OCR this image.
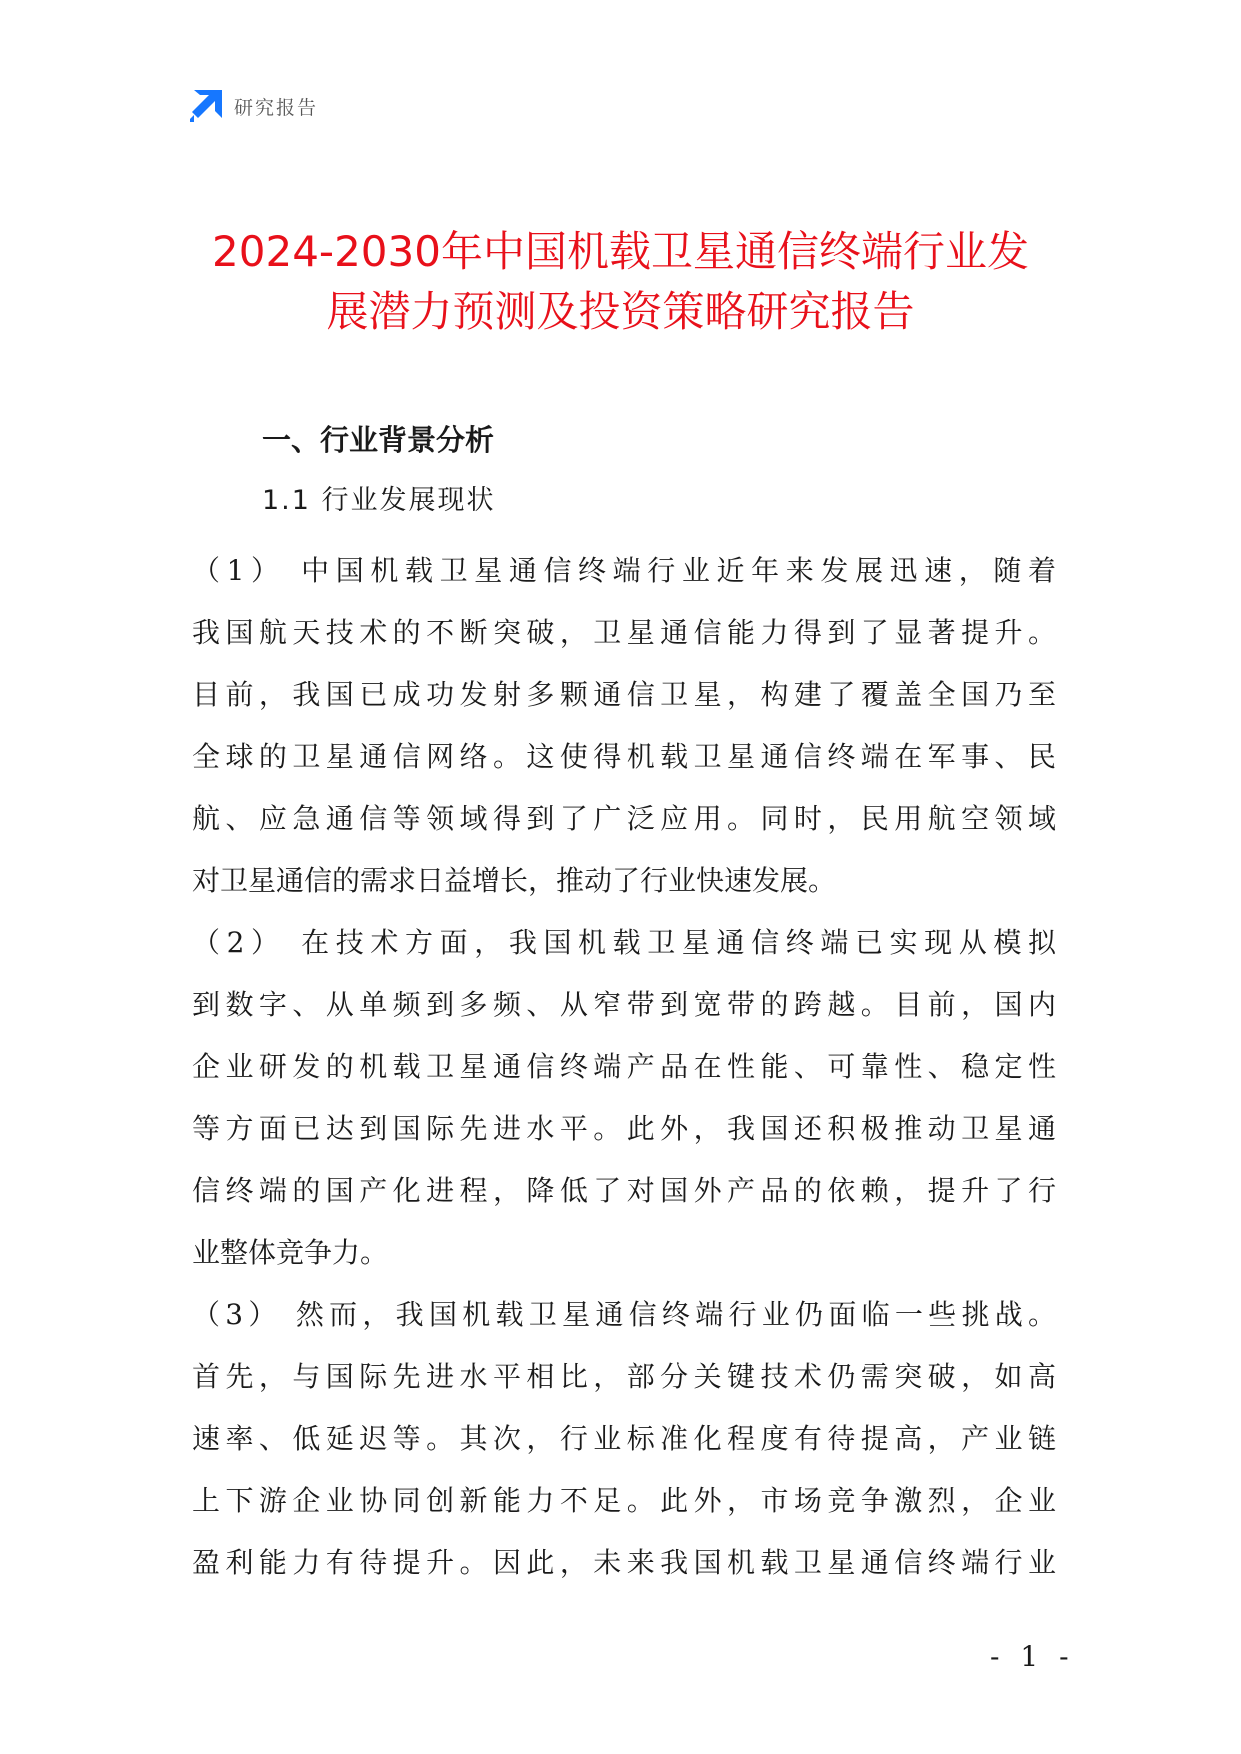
研究报告
2024-2030年中国机载卫星通信终端行业发
展潜力预测及投资策略研究报告
一、行业背景分析
1.1 行业发展现状
（1） 中国机载卫星通信终端行业近年来发展迅速，随着
我国航天技术的不断突破，卫星通信能力得到了显著提升。
目前，我国已成功发射多颗通信卫星，构建了覆盖全国乃至
全球的卫星通信网络。这使得机载卫星通信终端在军事、民
航、应急通信等领域得到了广泛应用。同时，民用航空领域
对卫星通信的需求日益增长，推动了行业快速发展。
（2） 在技术方面，我国机载卫星通信终端已实现从模拟
到数字、从单频到多频、从窄带到宽带的跨越。目前，国内
企业研发的机载卫星通信终端产品在性能、可靠性、稳定性
等方面已达到国际先进水平。此外，我国还积极推动卫星通
信终端的国产化进程，降低了对国外产品的依赖，提升了行
业整体竞争力。
（3） 然而，我国机载卫星通信终端行业仍面临一些挑战。
首先，与国际先进水平相比，部分关键技术仍需突破，如高
速率、低延迟等。其次，行业标准化程度有待提高，产业链
上下游企业协同创新能力不足。此外，市场竞争激烈，企业
盈利能力有待提升。因此，未来我国机载卫星通信终端行业
- 1 -
